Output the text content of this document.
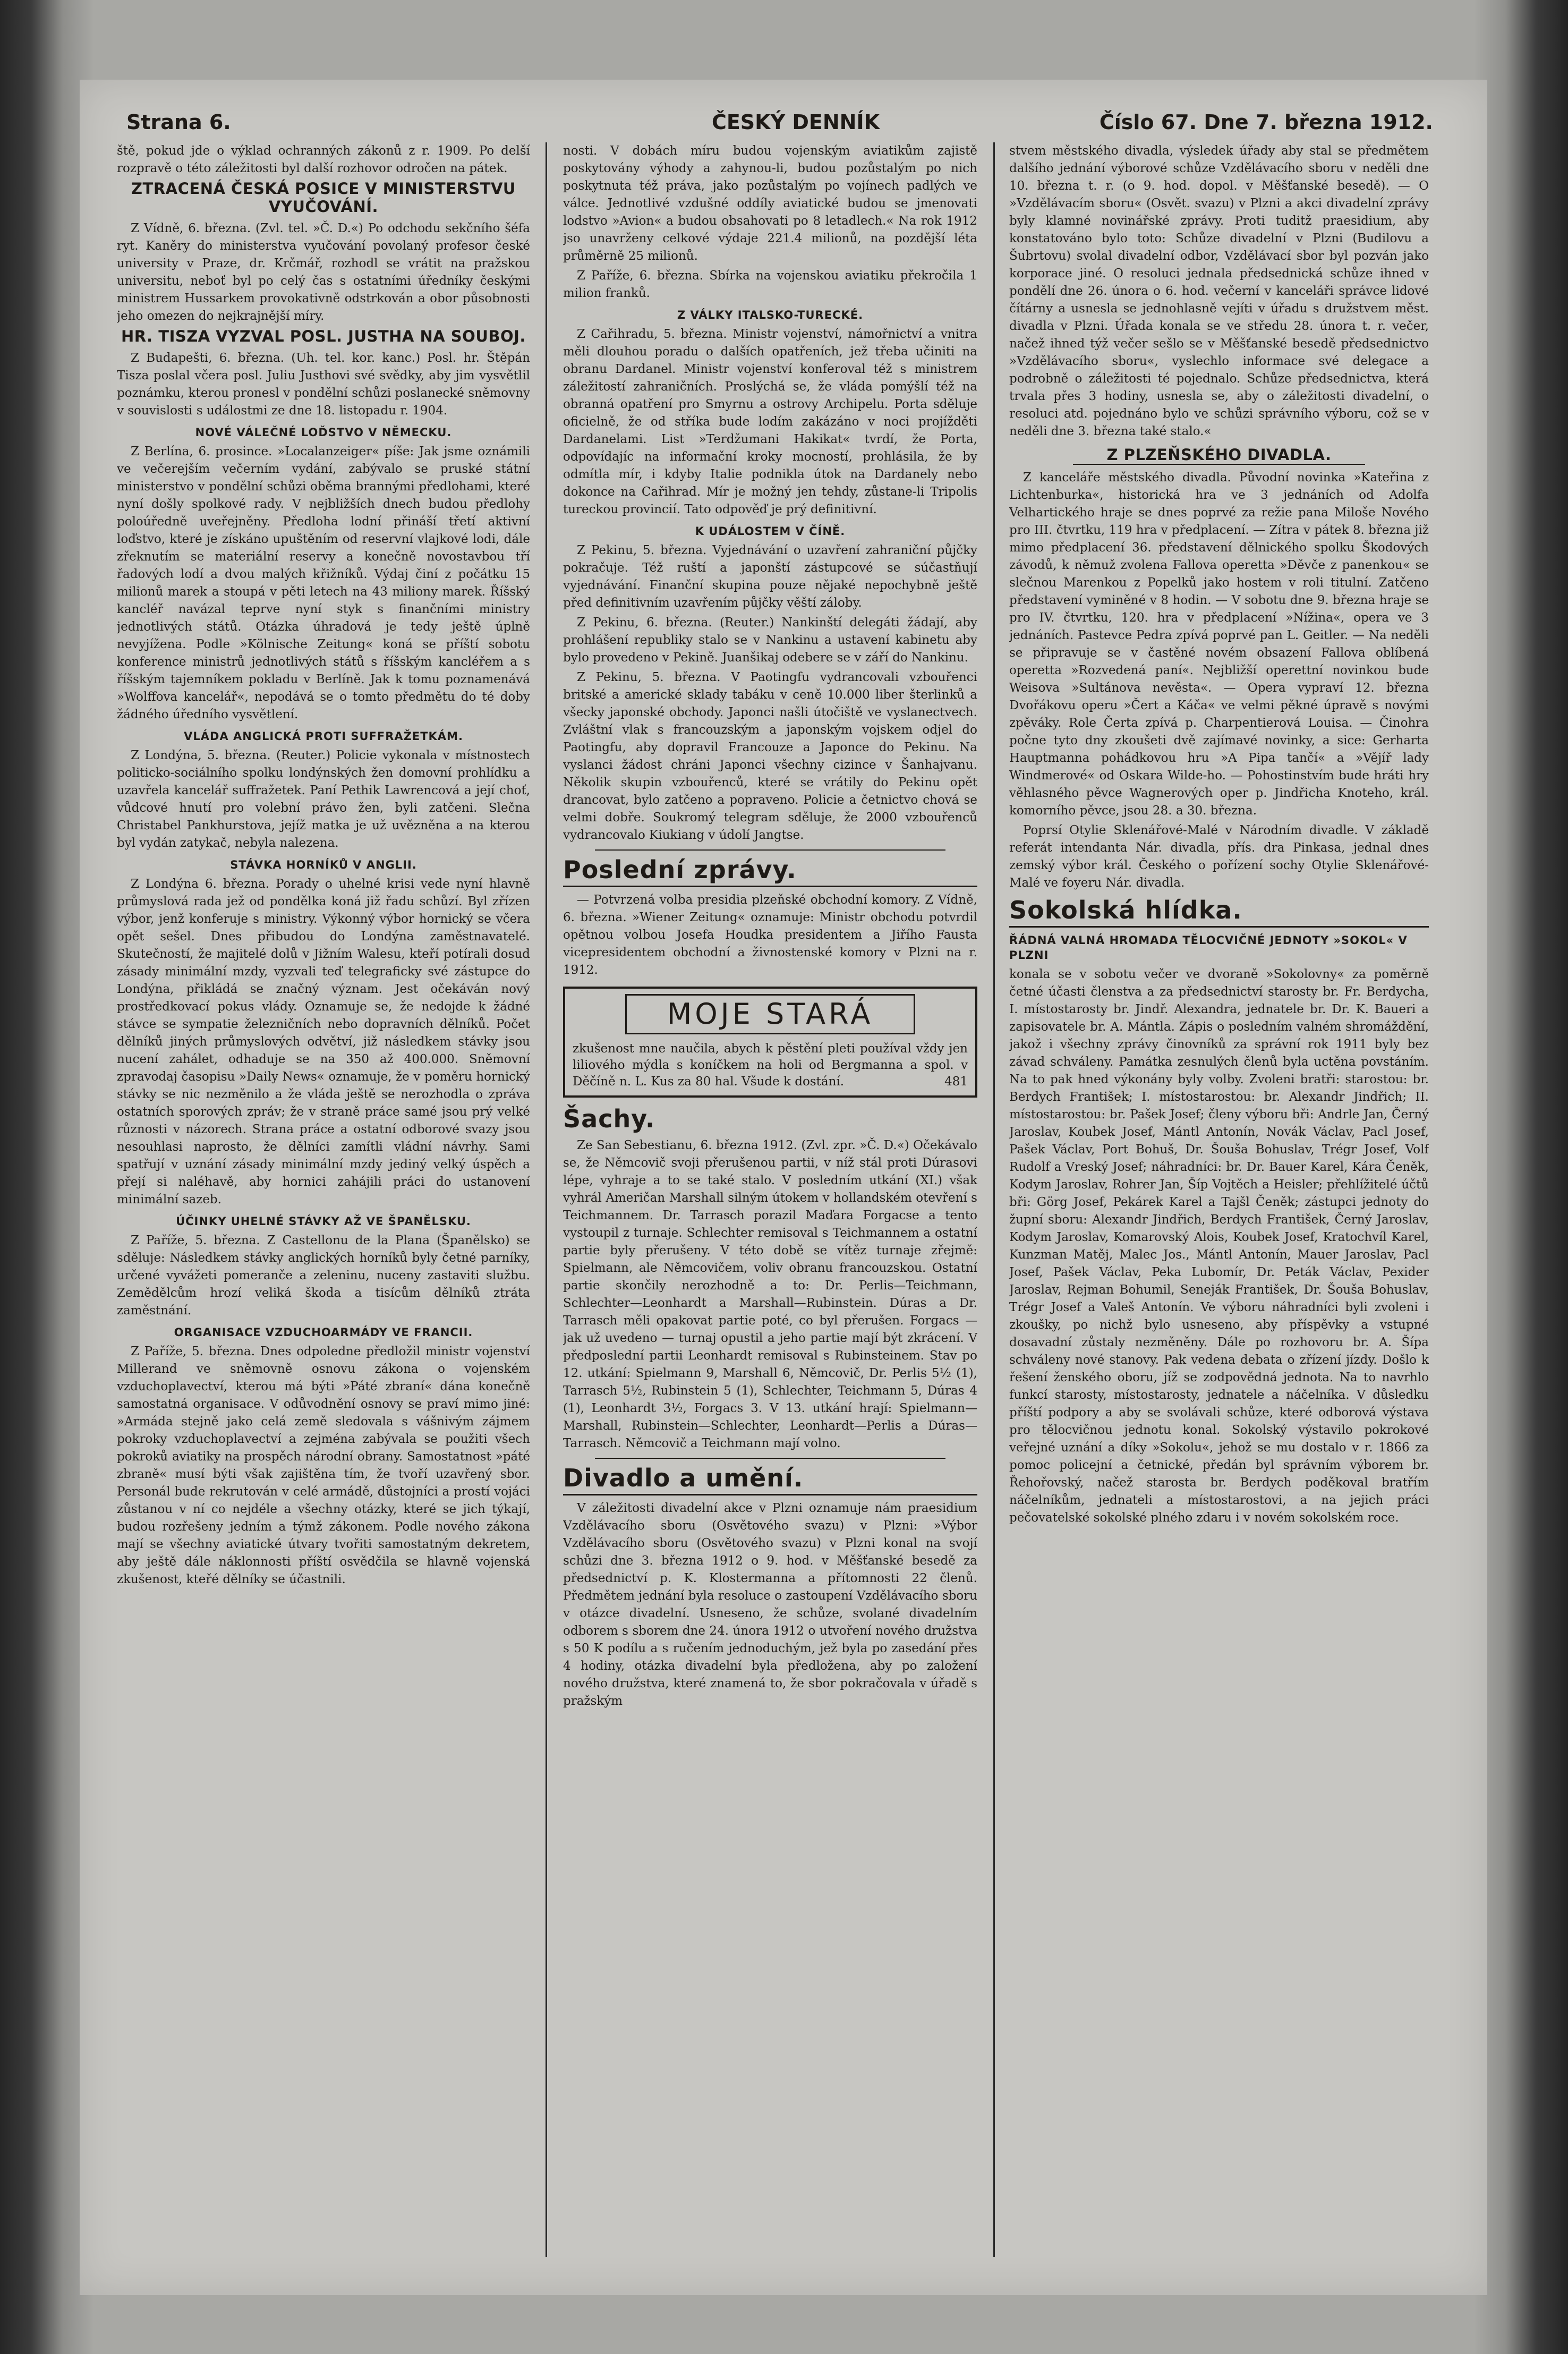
Strana 6.	ČESKÝ DENNÍK	Číslo 67. Dne 7. března 1912.

ště, pokud jde o výklad ochranných zákonů z r. 1909. Po delší rozpravě o této záležitosti byl další rozhovor odročen na pátek.

ZTRACENÁ ČESKÁ POSICE V MINISTERSTVU VYUČOVÁNÍ.

Z Vídně, 6. března. (Zvl. tel. »Č. D.«) Po odchodu sekčního šéfa ryt. Kaněry do ministerstva vyučování povolaný profesor české university v Praze, dr. Krčmář, rozhodl se vrátit na pražskou universitu, neboť byl po celý čas s ostatními úředníky českými ministrem Hussarkem provokativně odstrkován a obor působnosti jeho omezen do nejkrajnější míry.

HR. TISZA VYZVAL POSL. JUSTHA NA SOUBOJ.

Z Budapešti, 6. března. (Uh. tel. kor. kanc.) Posl. hr. Štěpán Tisza poslal včera posl. Juliu Justhovi své svědky, aby jim vysvětlil poznámku, kterou pronesl v pondělní schůzi poslanecké sněmovny v souvislosti s událostmi ze dne 18. listopadu r. 1904.

NOVÉ VÁLEČNÉ LOĎSTVO V NĚMECKU.

Z Berlína, 6. prosince. »Localanzeiger« píše: Jak jsme oznámili ve večerejším večerním vydání, zabývalo se pruské státní ministerstvo v pondělní schůzi oběma brannými předlohami, které nyní došly spolkové rady. V nejbližších dnech budou předlohy poloúředně uveřejněny. Předloha lodní přináší třetí aktivní loďstvo, které je získáno upuštěním od reservní vlajkové lodi, dále zřeknutím se materiální reservy a konečně novostavbou tří řadových lodí a dvou malých křižníků. Výdaj činí z počátku 15 milionů marek a stoupá v pěti letech na 43 miliony marek. Říšský kancléř navázal teprve nyní styk s finančními ministry jednotlivých států. Otázka úhradová je tedy ještě úplně nevyjížena. Podle »Kölnische Zeitung« koná se příští sobotu konference ministrů jednotlivých států s říšským kancléřem a s říšským tajemníkem pokladu v Berlíně. Jak k tomu poznamenává »Wolffova kancelář«, nepodává se o tomto předmětu do té doby žádného úředního vysvětlení.

VLÁDA ANGLICKÁ PROTI SUFFRAŽETKÁM.

Z Londýna, 5. března. (Reuter.) Policie vykonala v místnostech politicko-sociálního spolku londýnských žen domovní prohlídku a uzavřela kancelář suffražetek. Paní Pethik Lawrencová a její choť, vůdcové hnutí pro volební právo žen, byli zatčeni. Slečna Christabel Pankhurstova, jejíž matka je už uvězněna a na kterou byl vydán zatykač, nebyla nalezena.

STÁVKA HORNÍKŮ V ANGLII.

Z Londýna 6. března. Porady o uhelné krisi vede nyní hlavně průmyslová rada jež od pondělka koná již řadu schůzí. Byl zřízen výbor, jenž konferuje s ministry. Výkonný výbor hornický se včera opět sešel. Dnes přibudou do Londýna zaměstnavatelé. Skutečností, že majitelé dolů v Jižním Walesu, kteří potírali dosud zásady minimální mzdy, vyzvali teď telegraficky své zástupce do Londýna, přikládá se značný význam. Jest očekáván nový prostředkovací pokus vlády. Oznamuje se, že nedojde k žádné stávce se sympatie železničních nebo dopravních dělníků. Počet dělníků jiných průmyslových odvětví, již následkem stávky jsou nucení zahálet, odhaduje se na 350 až 400.000. Sněmovní zpravodaj časopisu »Daily News« oznamuje, že v poměru hornický stávky se nic nezměnilo a že vláda ještě se nerozhodla o zpráva ostatních sporových zpráv; že v straně práce samé jsou prý velké různosti v názorech. Strana práce a ostatní odborové svazy jsou nesouhlasi naprosto, že dělníci zamítli vládní návrhy. Sami spatřují v uznání zásady minimální mzdy jediný velký úspěch a přejí si naléhavě, aby hornici zahájili práci do ustanovení minimální sazeb.

ÚČINKY UHELNÉ STÁVKY AŽ VE ŠPANĚLSKU.

Z Paříže, 5. března. Z Castellonu de la Plana (Španělsko) se sděluje: Následkem stávky anglických horníků byly četné parníky, určené vyvážeti pomeranče a zeleninu, nuceny zastaviti službu. Zemědělcům hrozí veliká škoda a tisícům dělníků ztráta zaměstnání.

ORGANISACE VZDUCHOARMÁDY VE FRANCII.

Z Paříže, 5. března. Dnes odpoledne předložil ministr vojenství Millerand ve sněmovně osnovu zákona o vojenském vzduchoplavectví, kterou má býti »Páté zbraní« dána konečně samostatná organisace. V odůvodnění osnovy se praví mimo jiné: »Armáda stejně jako celá země sledovala s vášnivým zájmem pokroky vzduchoplavectví a zejména zabývala se použiti všech pokroků aviatiky na prospěch národní obrany. Samostatnost »páté zbraně« musí býti však zajištěna tím, že tvoří uzavřený sbor. Personál bude rekrutován v celé armádě, důstojníci a prostí vojáci zůstanou v ní co nejdéle a všechny otázky, které se jich týkají, budou rozřešeny jedním a týmž zákonem. Podle nového zákona mají se všechny aviatické útvary tvořiti samostatným dekretem, aby ještě dále náklonnosti příští osvědčila se hlavně vojenská zkušenost, kteřé dělníky se účastnili.

nosti. V dobách míru budou vojenským aviatikům zajistě poskytovány výhody a zahynou-li, budou pozůstalým po nich poskytnuta též práva, jako pozůstalým po vojínech padlých ve válce. Jednotlivé vzdušné oddíly aviatické budou se jmenovati lodstvo »Avion« a budou obsahovati po 8 letadlech.« Na rok 1912 jso unavrženy celkové výdaje 221.4 milionů, na pozdější léta průměrně 25 milionů.

Z Paříže, 6. března. Sbírka na vojenskou aviatiku překročila 1 milion franků.

Z VÁLKY ITALSKO-TURECKÉ.

Z Cařihradu, 5. března. Ministr vojenství, námořnictví a vnitra měli dlouhou poradu o dalších opatřeních, jež třeba učiniti na obranu Dardanel. Ministr vojenství konferoval též s ministrem záležitostí zahraničních. Proslýchá se, že vláda pomýšlí též na obranná opatření pro Smyrnu a ostrovy Archipelu. Porta sděluje oficielně, že od stříka bude lodím zakázáno v noci projížděti Dardanelami. List »Terdžumani Hakikat« tvrdí, že Porta, odpovídajíc na informační kroky mocností, prohlásila, že by odmítla mír, i kdyby Italie podnikla útok na Dardanely nebo dokonce na Cařihrad. Mír je možný jen tehdy, zůstane-li Tripolis tureckou provincií. Tato odpověď je prý definitivní.

K UDÁLOSTEM V ČÍNĚ.

Z Pekinu, 5. března. Vyjednávání o uzavření zahraniční půjčky pokračuje. Též ruští a japonští zástupcové se súčastňují vyjednávání. Finanční skupina pouze nějaké nepochybně ještě před definitivním uzavřením půjčky věští záloby.

Z Pekinu, 6. března. (Reuter.) Nankinští delegáti žádají, aby prohlášení republiky stalo se v Nankinu a ustavení kabinetu aby bylo provedeno v Pekině. Juanšikaj odebere se v září do Nankinu.

Z Pekinu, 5. března. V Paotingfu vydrancovali vzbouřenci britské a americké sklady tabáku v ceně 10.000 liber šterlinků a všecky japonské obchody. Japonci našli útočiště ve vyslanectvech. Zvláštní vlak s francouzským a japonským vojskem odjel do Paotingfu, aby dopravil Francouze a Japonce do Pekinu. Na vyslanci žádost chráni Japonci všechny cizince v Šanhajvanu. Několik skupin vzbouřenců, které se vrátily do Pekinu opět drancovat, bylo zatčeno a popraveno. Policie a četnictvo chová se velmi dobře. Soukromý telegram sděluje, že 2000 vzbouřenců vydrancovalo Kiukiang v údolí Jangtse.

Poslední zprávy.

— Potvrzená volba presidia plzeňské obchodní komory. Z Vídně, 6. března. »Wiener Zeitung« oznamuje: Ministr obchodu potvrdil opětnou volbou Josefa Houdka presidentem a Jiřího Fausta vicepresidentem obchodní a živnostenské komory v Plzni na r. 1912.

MOJE STARÁ
zkušenost mne naučila, abych k pěstění pleti používal vždy jen liliového mýdla s koníčkem na holi od Bergmanna a spol. v Děčíně n. L. Kus za 80 hal. Všude k dostání.	481
Šachy.

Ze San Sebestianu, 6. března 1912. (Zvl. zpr. »Č. D.«) Očekávalo se, že Němcovič svoji přerušenou partii, v níž stál proti Dúrasovi lépe, vyhraje a to se také stalo. V posledním utkání (XI.) však vyhrál Američan Marshall silným útokem v hollandském otevření s Teichmannem. Dr. Tarrasch porazil Maďara Forgacse a tento vystoupil z turnaje. Schlechter remisoval s Teichmannem a ostatní partie byly přerušeny. V této době se vítěz turnaje zřejmě: Spielmann, ale Němcovičem, voliv obranu francouzskou. Ostatní partie skončily nerozhodně a to: Dr. Perlis—Teichmann, Schlechter—Leonhardt a Marshall—Rubinstein. Dúras a Dr. Tarrasch měli opakovat partie poté, co byl přerušen. Forgacs — jak už uvedeno — turnaj opustil a jeho partie mají být zkrácení. V předposlední partii Leonhardt remisoval s Rubinsteinem. Stav po 12. utkání: Spielmann 9, Marshall 6, Němcovič, Dr. Perlis 5½ (1), Tarrasch 5½, Rubinstein 5 (1), Schlechter, Teichmann 5, Dúras 4 (1), Leonhardt 3½, Forgacs 3. V 13. utkání hrají: Spielmann—Marshall, Rubinstein—Schlechter, Leonhardt—Perlis a Dúras—Tarrasch. Němcovič a Teichmann mají volno.

Divadlo a umění.

V záležitosti divadelní akce v Plzni oznamuje nám praesidium Vzdělávacího sboru (Osvětového svazu) v Plzni: »Výbor Vzdělávacího sboru (Osvětového svazu) v Plzni konal na svojí schůzi dne 3. března 1912 o 9. hod. v Měšťanské besedě za předsednictví p. K. Klostermanna a přítomnosti 22 členů. Předmětem jednání byla resoluce o zastoupení Vzdělávacího sboru v otázce divadelní. Usneseno, že schůze, svolané divadelním odborem s sborem dne 24. února 1912 o utvoření nového družstva s 50 K podílu a s ručením jednoduchým, jež byla po zasedání přes 4 hodiny, otázka divadelní byla předložena, aby po založení nového družstva, které znamená to, že sbor pokračovala v úřadě s pražským

stvem městského divadla, výsledek úřady aby stal se předmětem dalšího jednání výborové schůze Vzdělávacího sboru v neděli dne 10. března t. r. (o 9. hod. dopol. v Měšťanské besedě). — O »Vzdělávacím sboru« (Osvět. svazu) v Plzni a akci divadelní zprávy byly klamné novinářské zprávy. Proti tuditž praesidium, aby konstatováno bylo toto: Schůze divadelní v Plzni (Budilovu a Šubrtovu) svolal divadelní odbor, Vzdělávací sbor byl pozván jako korporace jiné. O resoluci jednala předsednická schůze ihned v pondělí dne 26. února o 6. hod. večerní v kanceláři správce lidové čítárny a usnesla se jednohlasně vejíti v úřadu s družstvem měst. divadla v Plzni. Úřada konala se ve středu 28. února t. r. večer, načež ihned týž večer sešlo se v Měšťanské besedě předsednictvo »Vzdělávacího sboru«, vyslechlo informace své delegace a podrobně o záležitosti té pojednalo. Schůze předsednictva, která trvala přes 3 hodiny, usnesla se, aby o záležitosti divadelní, o resoluci atd. pojednáno bylo ve schůzi správního výboru, což se v neděli dne 3. března také stalo.«

Z PLZEŇSKÉHO DIVADLA.

Z kanceláře městského divadla. Původní novinka »Kateřina z Lichtenburka«, historická hra ve 3 jednáních od Adolfa Velhartického hraje se dnes poprvé za režie pana Miloše Nového pro III. čtvrtku, 119 hra v předplacení. — Zítra v pátek 8. března již mimo předplacení 36. představení dělnického spolku Škodových závodů, k němuž zvolena Fallova operetta »Děvče z panenkou« se slečnou Marenkou z Popelků jako hostem v roli titulní. Zatčeno představení vyminěné v 8 hodin. — V sobotu dne 9. března hraje se pro IV. čtvrtku, 120. hra v předplacení »Nížina«, opera ve 3 jednáních. Pastevce Pedra zpívá poprvé pan L. Geitler. — Na neděli se připravuje se v častěné novém obsazení Fallova oblíbená operetta »Rozvedená paní«. Nejbližší operettní novinkou bude Weisova »Sultánova nevěsta«. — Opera vypraví 12. března Dvořákovu operu »Čert a Káča« ve velmi pěkné úpravě s novými zpěváky. Role Čerta zpívá p. Charpentierová Louisa. — Činohra počne tyto dny zkoušeti dvě zajímavé novinky, a sice: Gerharta Hauptmanna pohádkovou hru »A Pipa tančí« a »Vějíř lady Windmerové« od Oskara Wilde-ho. — Pohostinstvím bude hráti hry věhlasného pěvce Wagnerových oper p. Jindřicha Knoteho, král. komorního pěvce, jsou 28. a 30. března.

Poprsí Otylie Sklenářové-Malé v Národním divadle. V základě referát intendanta Nár. divadla, přís. dra Pinkasa, jednal dnes zemský výbor král. Českého o pořízení sochy Otylie Sklenářové-Malé ve foyeru Nár. divadla.

Sokolská hlídka.
ŘÁDNÁ VALNÁ HROMADA TĚLOCVIČNÉ JEDNOTY »SOKOL« V PLZNI

konala se v sobotu večer ve dvoraně »Sokolovny« za poměrně četné účasti členstva a za předsednictví starosty br. Fr. Berdycha, I. místostarosty br. Jindř. Alexandra, jednatele br. Dr. K. Baueri a zapisovatele br. A. Mántla. Zápis o posledním valném shromáždění, jakož i všechny zprávy činovníků za správní rok 1911 byly bez závad schváleny. Památka zesnulých členů byla uctěna povstáním. Na to pak hned výkonány byly volby. Zvoleni bratři: starostou: br. Berdych František; I. místostarostou: br. Alexandr Jindřich; II. místostarostou: br. Pašek Josef; členy výboru bři: Andrle Jan, Černý Jaroslav, Koubek Josef, Mántl Antonín, Novák Václav, Pacl Josef, Pašek Václav, Port Bohuš, Dr. Šouša Bohuslav, Trégr Josef, Volf Rudolf a Vreský Josef; náhradníci: br. Dr. Bauer Karel, Kára Čeněk, Kodym Jaroslav, Rohrer Jan, Šíp Vojtěch a Heisler; přehlížitelé účtů bři: Görg Josef, Pekárek Karel a Tajšl Čeněk; zástupci jednoty do župní sboru: Alexandr Jindřich, Berdych František, Černý Jaroslav, Kodym Jaroslav, Komarovský Alois, Koubek Josef, Kratochvíl Karel, Kunzman Matěj, Malec Jos., Mántl Antonín, Mauer Jaroslav, Pacl Josef, Pašek Václav, Peka Lubomír, Dr. Peták Václav, Pexider Jaroslav, Rejman Bohumil, Seneják František, Dr. Šouša Bohuslav, Trégr Josef a Valeš Antonín. Ve výboru náhradníci byli zvoleni i zkoušky, po nichž bylo usneseno, aby příspěvky a vstupné dosavadní zůstaly nezměněny. Dále po rozhovoru br. A. Šípa schváleny nové stanovy. Pak vedena debata o zřízení jízdy. Došlo k řešení ženského oboru, jíž se zodpovědná jednota. Na to navrhlo funkcí starosty, místostarosty, jednatele a náčelníka. V důsledku příští podpory a aby se svolávali schůze, které odborová výstava pro tělocvičnou jednotu konal. Sokolský výstavilo pokrokové veřejné uznání a díky »Sokolu«, jehož se mu dostalo v r. 1866 za pomoc policejní a četnické, předán byl správním výborem br. Řehořovský, načež starosta br. Berdych poděkoval bratřím náčelníkům, jednateli a místostarostovi, a na jejich práci pečovatelské sokolské plného zdaru i v novém sokolském roce.
